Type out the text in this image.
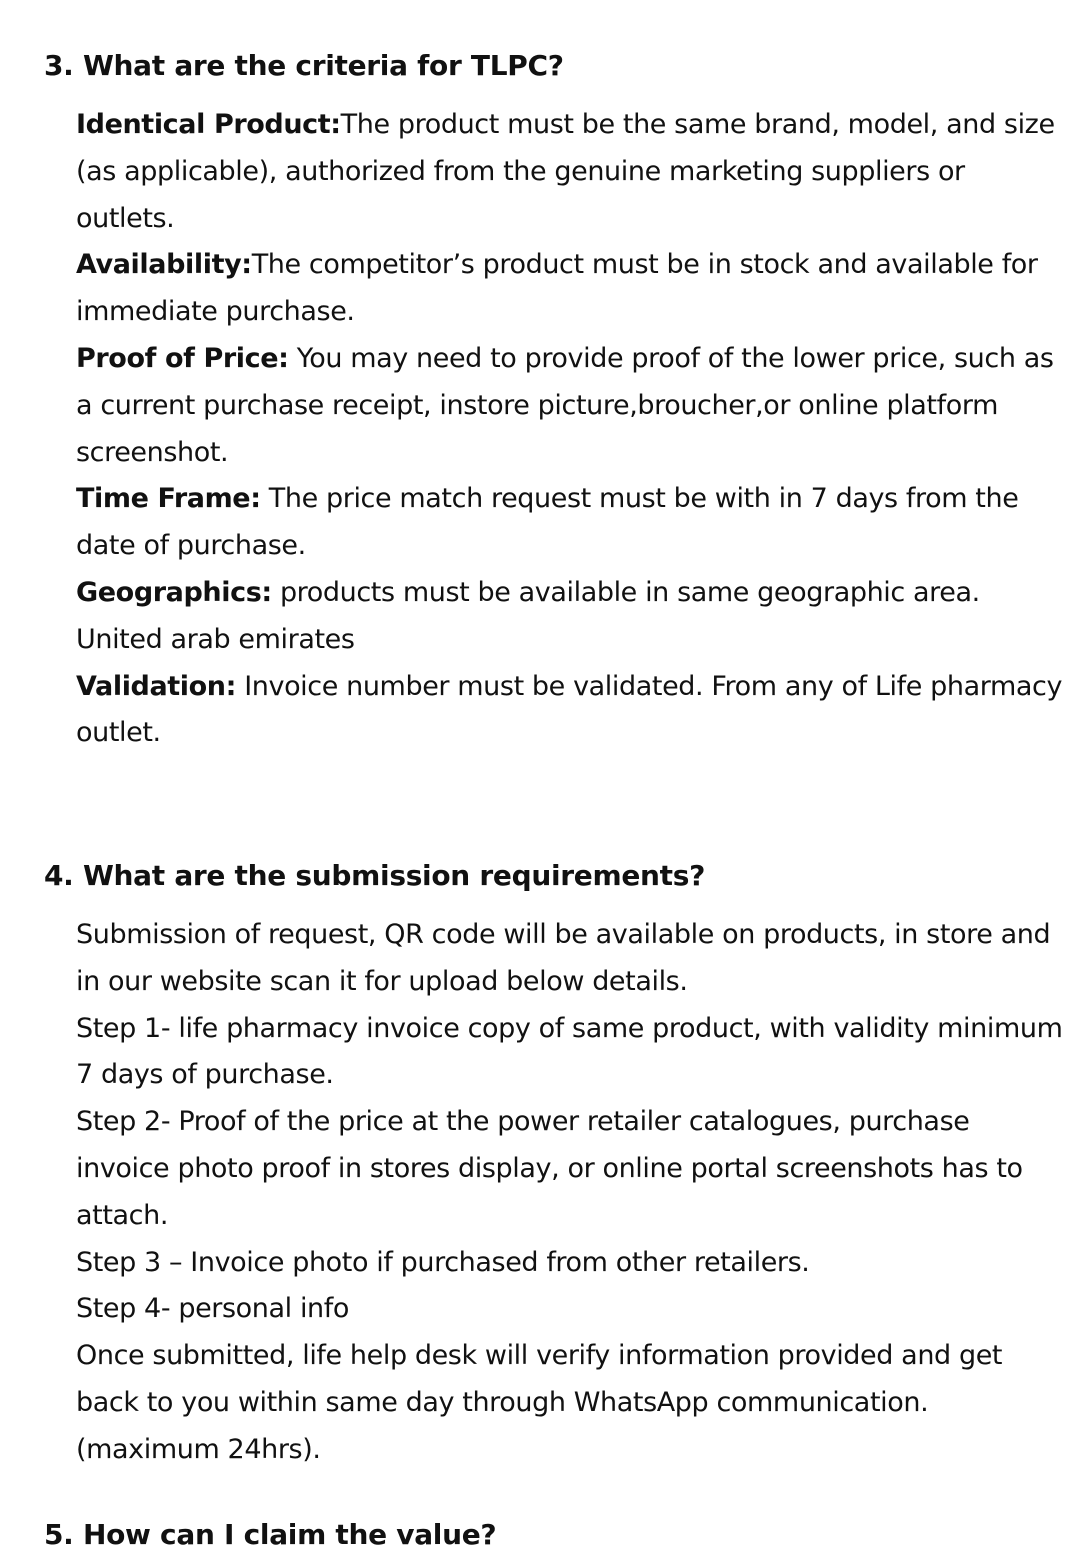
3. What are the criteria for TLPC?

Identical Product:The product must be the same brand, model, and size (as applicable), authorized from the genuine marketing suppliers or outlets.

Availability:The competitor’s product must be in stock and available for immediate purchase.

Proof of Price: You may need to provide proof of the lower price, such as a current purchase receipt, instore picture,broucher,or online platform screenshot.

Time Frame: The price match request must be with in 7 days from the date of purchase.

Geographics: products must be available in same geographic area. United arab emirates

Validation: Invoice number must be validated. From any of Life pharmacy outlet.

4. What are the submission requirements?

Submission of request, QR code will be available on products, in store and in our website scan it for upload below details.

Step 1- life pharmacy invoice copy of same product, with validity minimum 7 days of purchase.

Step 2- Proof of the price at the power retailer catalogues, purchase invoice photo proof in stores display, or online portal screenshots has to attach.

Step 3 – Invoice photo if purchased from other retailers.

Step 4- personal info

Once submitted, life help desk will verify information provided and get back to you within same day through WhatsApp communication.(maximum 24hrs).

5. How can I claim the value?
